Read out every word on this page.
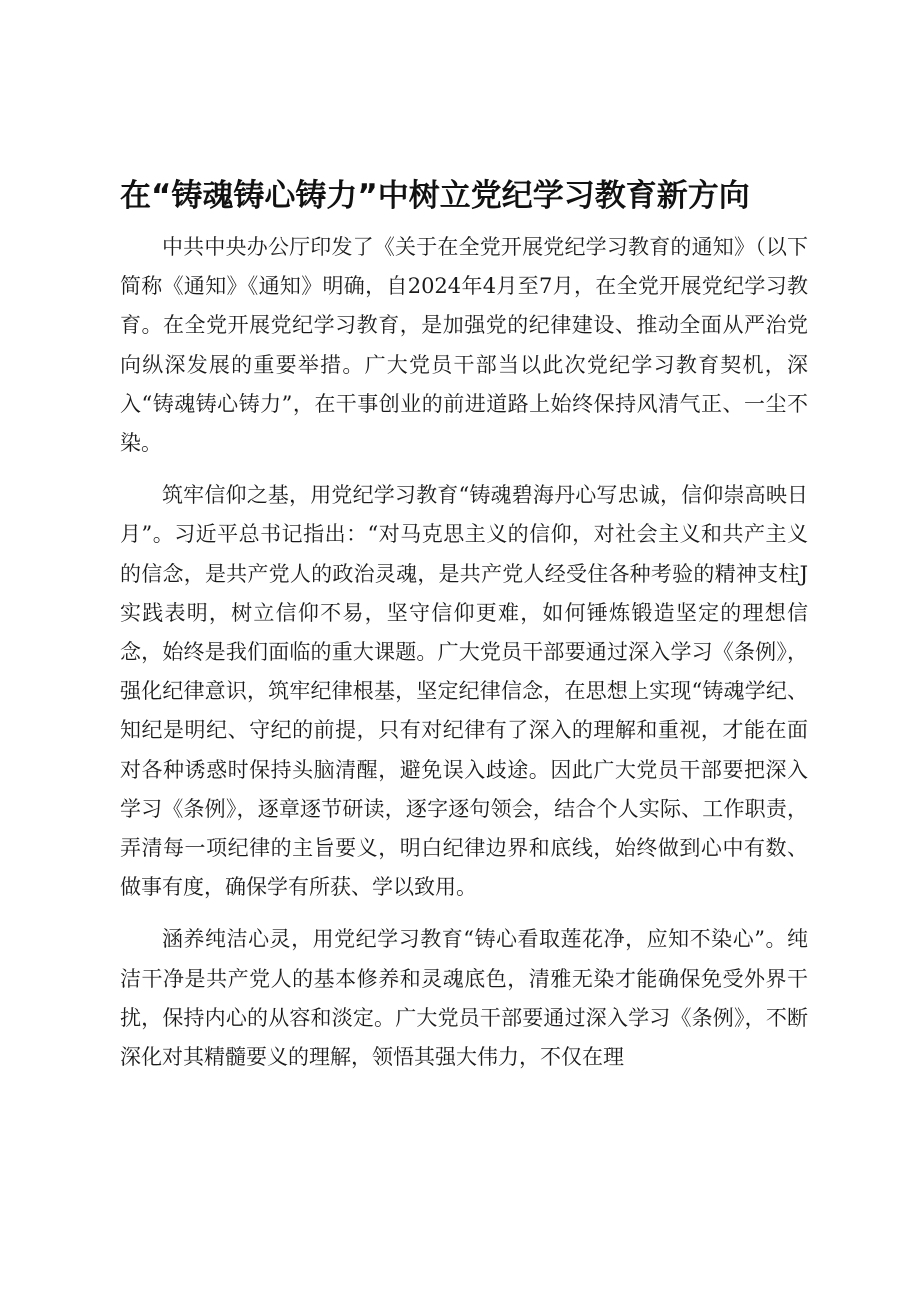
在“铸魂铸心铸力”中树立党纪学习教育新方向

中共中央办公厅印发了《关于在全党开展党纪学习教育的通知》（以下简称《通知》《通知》明确，自2024年4月至7月，在全党开展党纪学习教育。在全党开展党纪学习教育，是加强党的纪律建设、推动全面从严治党向纵深发展的重要举措。广大党员干部当以此次党纪学习教育契机，深入“铸魂铸心铸力”，在干事创业的前进道路上始终保持风清气正、一尘不染。

筑牢信仰之基，用党纪学习教育“铸魂碧海丹心写忠诚，信仰崇高映日月”。习近平总书记指出：“对马克思主义的信仰，对社会主义和共产主义的信念，是共产党人的政治灵魂，是共产党人经受住各种考验的精神支柱J实践表明，树立信仰不易，坚守信仰更难，如何锤炼锻造坚定的理想信念，始终是我们面临的重大课题。广大党员干部要通过深入学习《条例》，强化纪律意识，筑牢纪律根基，坚定纪律信念，在思想上实现“铸魂学纪、知纪是明纪、守纪的前提，只有对纪律有了深入的理解和重视，才能在面对各种诱惑时保持头脑清醒，避免误入歧途。因此广大党员干部要把深入学习《条例》，逐章逐节研读，逐字逐句领会，结合个人实际、工作职责，弄清每一项纪律的主旨要义，明白纪律边界和底线，始终做到心中有数、做事有度，确保学有所获、学以致用。

涵养纯洁心灵，用党纪学习教育“铸心看取莲花净，应知不染心”。纯洁干净是共产党人的基本修养和灵魂底色，清雅无染才能确保免受外界干扰，保持内心的从容和淡定。广大党员干部要通过深入学习《条例》，不断深化对其精髓要义的理解，领悟其强大伟力，不仅在理
